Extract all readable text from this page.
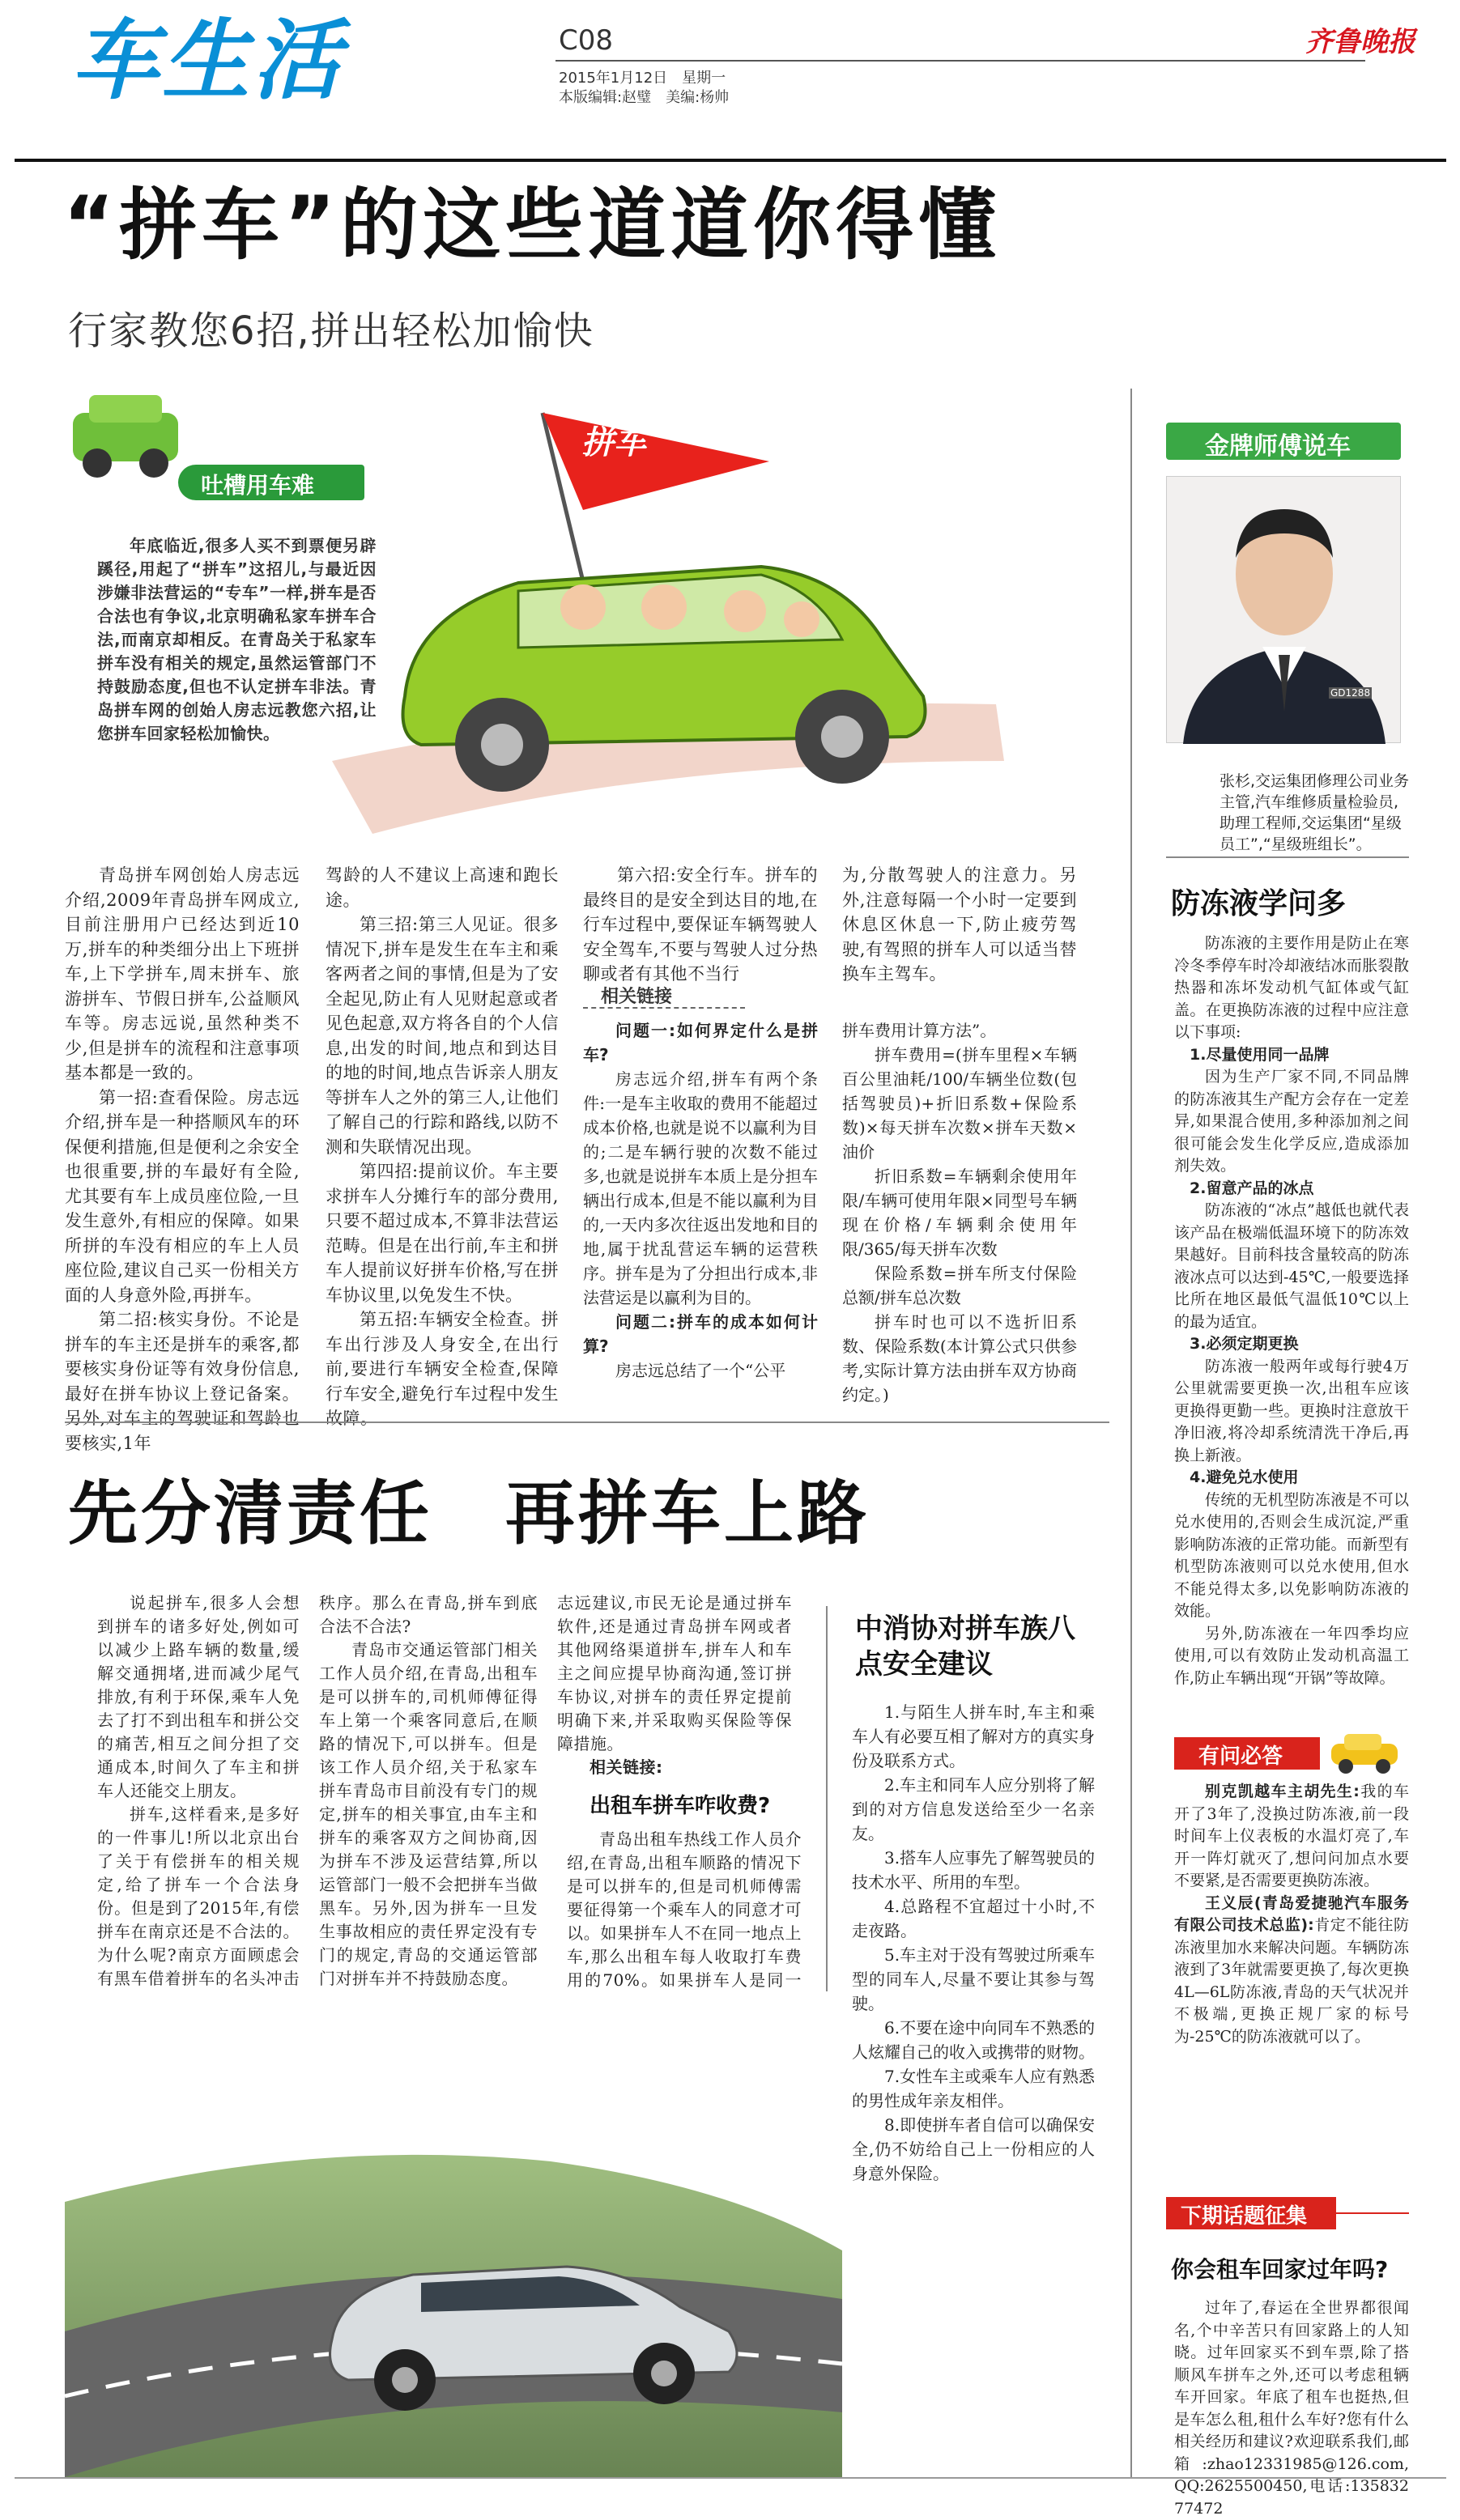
车生活	C08
2015年1月12日　星期一
本版编辑:赵璧　美编:杨帅
齐鲁晚报
“拼车”的这些道道你得懂
行家教您6招,拼出轻松加愉快
拼车
吐槽用车难

年底临近,很多人买不到票便另辟蹊径,用起了“拼车”这招儿,与最近因涉嫌非法营运的“专车”一样,拼车是否合法也有争议,北京明确私家车拼车合法,而南京却相反。在青岛关于私家车拼车没有相关的规定,虽然运管部门不持鼓励态度,但也不认定拼车非法。青岛拼车网的创始人房志远教您六招,让您拼车回家轻松加愉快。

青岛拼车网创始人房志远介绍,2009年青岛拼车网成立,目前注册用户已经达到近10万,拼车的种类细分出上下班拼车,上下学拼车,周末拼车、旅游拼车、节假日拼车,公益顺风车等。房志远说,虽然种类不少,但是拼车的流程和注意事项基本都是一致的。

第一招:查看保险。房志远介绍,拼车是一种搭顺风车的环保便利措施,但是便利之余安全也很重要,拼的车最好有全险,尤其要有车上成员座位险,一旦发生意外,有相应的保障。如果所拼的车没有相应的车上人员座位险,建议自己买一份相关方面的人身意外险,再拼车。

第二招:核实身份。不论是拼车的车主还是拼车的乘客,都要核实身份证等有效身份信息,最好在拼车协议上登记备案。另外,对车主的驾驶证和驾龄也要核实,1年

驾龄的人不建议上高速和跑长途。

第三招:第三人见证。很多情况下,拼车是发生在车主和乘客两者之间的事情,但是为了安全起见,防止有人见财起意或者见色起意,双方将各自的个人信息,出发的时间,地点和到达目的地的时间,地点告诉亲人朋友等拼车人之外的第三人,让他们了解自己的行踪和路线,以防不测和失联情况出现。

第四招:提前议价。车主要求拼车人分摊行车的部分费用,只要不超过成本,不算非法营运范畴。但是在出行前,车主和拼车人提前议好拼车价格,写在拼车协议里,以免发生不快。

第五招:车辆安全检查。拼车出行涉及人身安全,在出行前,要进行车辆安全检查,保障行车安全,避免行车过程中发生故障。

第六招:安全行车。拼车的最终目的是安全到达目的地,在行车过程中,要保证车辆驾驶人安全驾车,不要与驾驶人过分热聊或者有其他不当行

为,分散驾驶人的注意力。另外,注意每隔一个小时一定要到休息区休息一下,防止疲劳驾驶,有驾照的拼车人可以适当替换车主驾车。

相关链接

问题一:如何界定什么是拼车?

房志远介绍,拼车有两个条件:一是车主收取的费用不能超过成本价格,也就是说不以赢利为目的;二是车辆行驶的次数不能过多,也就是说拼车本质上是分担车辆出行成本,但是不能以赢利为目的,一天内多次往返出发地和目的地,属于扰乱营运车辆的运营秩序。拼车是为了分担出行成本,非法营运是以赢利为目的。

问题二:拼车的成本如何计算?

房志远总结了一个“公平

拼车费用计算方法”。

拼车费用=(拼车里程×车辆百公里油耗/100/车辆坐位数(包括驾驶员)+折旧系数+保险系数)×每天拼车次数×拼车天数×油价

折旧系数=车辆剩余使用年限/车辆可使用年限×同型号车辆现在价格/车辆剩余使用年限/365/每天拼车次数

保险系数=拼车所支付保险总额/拼车总次数

拼车时也可以不选折旧系数、保险系数(本计算公式只供参考,实际计算方法由拼车双方协商约定。)

先分清责任　再拼车上路

说起拼车,很多人会想到拼车的诸多好处,例如可以减少上路车辆的数量,缓解交通拥堵,进而减少尾气排放,有利于环保,乘车人免去了打不到出租车和拼公交的痛苦,相互之间分担了交通成本,时间久了车主和拼车人还能交上朋友。

拼车,这样看来,是多好的一件事儿!所以北京出台了关于有偿拼车的相关规定,给了拼车一个合法身份。但是到了2015年,有偿拼车在南京还是不合法的。为什么呢?南京方面顾虑会有黑车借着拼车的名头冲击

秩序。那么在青岛,拼车到底合法不合法?

青岛市交通运管部门相关工作人员介绍,在青岛,出租车是可以拼车的,司机师傅征得车上第一个乘客同意后,在顺路的情况下,可以拼车。但是该工作人员介绍,关于私家车拼车青岛市目前没有专门的规定,拼车的相关事宜,由车主和拼车的乘客双方之间协商,因为拼车不涉及运营结算,所以运管部门一般不会把拼车当做黑车。另外,因为拼车一旦发生事故相应的责任界定没有专门的规定,青岛的交通运管部门对拼车并不持鼓励态度。

志远建议,市民无论是通过拼车软件,还是通过青岛拼车网或者其他网络渠道拼车,拼车人和车主之间应提早协商沟通,签订拼车协议,对拼车的责任界定提前明确下来,并采取购买保险等保障措施。

相关链接:

出租车拼车咋收费?

青岛出租车热线工作人员介绍,在青岛,出租车顺路的情况下是可以拼车的,但是司机师傅需要征得第一个乘车人的同意才可以。如果拼车人不在同一地点上车,那么出租车每人收取打车费用的70%。如果拼车人是同一

中消协对拼车族八点安全建议

1.与陌生人拼车时,车主和乘车人有必要互相了解对方的真实身份及联系方式。

2.车主和同车人应分别将了解到的对方信息发送给至少一名亲友。

3.搭车人应事先了解驾驶员的技术水平、所用的车型。

4.总路程不宜超过十小时,不走夜路。

5.车主对于没有驾驶过所乘车型的同车人,尽量不要让其参与驾驶。

6.不要在途中向同车不熟悉的人炫耀自己的收入或携带的财物。

7.女性车主或乘车人应有熟悉的男性成年亲友相伴。

8.即使拼车者自信可以确保安全,仍不妨给自己上一份相应的人身意外保险。

金牌师傅说车
GD1288
张杉,交运集团修理公司业务主管,汽车维修质量检验员,助理工程师,交运集团“星级员工”,“星级班组长”。
防冻液学问多

防冻液的主要作用是防止在寒冷冬季停车时冷却液结冰而胀裂散热器和冻坏发动机气缸体或气缸盖。在更换防冻液的过程中应注意以下事项:

1.尽量使用同一品牌

因为生产厂家不同,不同品牌的防冻液其生产配方会存在一定差异,如果混合使用,多种添加剂之间很可能会发生化学反应,造成添加剂失效。

2.留意产品的冰点

防冻液的“冰点”越低也就代表该产品在极端低温环境下的防冻效果越好。目前科技含量较高的防冻液冰点可以达到-45℃,一般要选择比所在地区最低气温低10℃以上的最为适宜。

3.必须定期更换

防冻液一般两年或每行驶4万公里就需要更换一次,出租车应该更换得更勤一些。更换时注意放干净旧液,将冷却系统清洗干净后,再换上新液。

4.避免兑水使用

传统的无机型防冻液是不可以兑水使用的,否则会生成沉淀,严重影响防冻液的正常功能。而新型有机型防冻液则可以兑水使用,但水不能兑得太多,以免影响防冻液的效能。

另外,防冻液在一年四季均应使用,可以有效防止发动机高温工作,防止车辆出现“开锅”等故障。

有问必答

别克凯越车主胡先生:我的车开了3年了,没换过防冻液,前一段时间车上仪表板的水温灯亮了,车开一阵灯就灭了,想问问加点水要不要紧,是否需要更换防冻液。

王义辰(青岛爱捷驰汽车服务有限公司技术总监):肯定不能往防冻液里加水来解决问题。车辆防冻液到了3年就需要更换了,每次更换4L—6L防冻液,青岛的天气状况并不极端,更换正规厂家的标号为-25℃的防冻液就可以了。

下期话题征集
你会租车回家过年吗?

过年了,春运在全世界都很闻名,个中辛苦只有回家路上的人知晓。过年回家买不到车票,除了搭顺风车拼车之外,还可以考虑租辆车开回家。年底了租车也挺热,但是车怎么租,租什么车好?您有什么相关经历和建议?欢迎联系我们,邮箱:zhao12331985@126.com,QQ:2625500450,电话:13583277472
